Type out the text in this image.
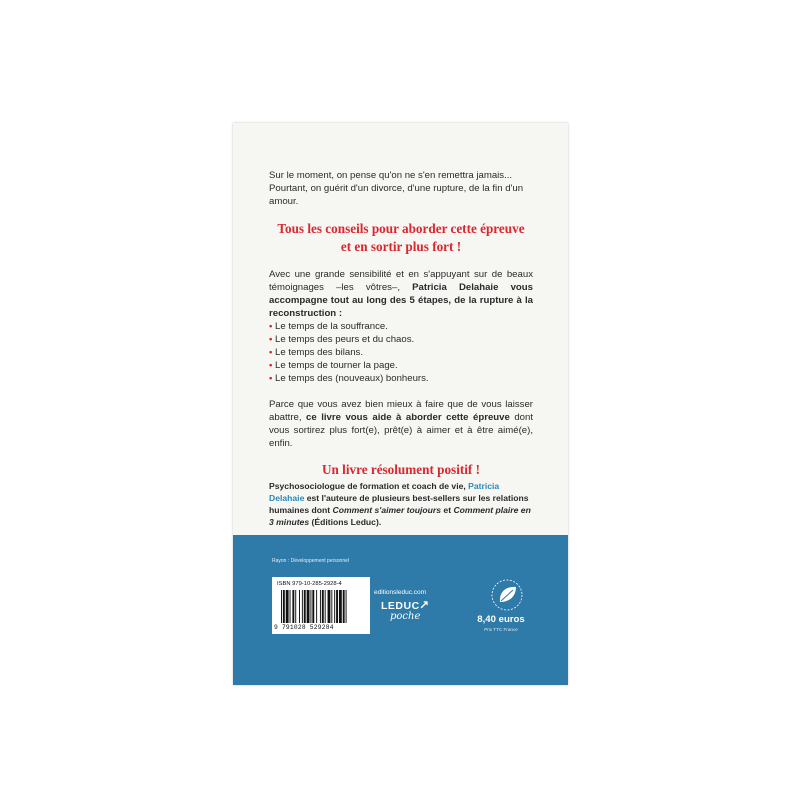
Sur le moment, on pense qu'on ne s'en remettra jamais... Pourtant, on guérit d'un divorce, d'une rupture, de la fin d'un amour.

Tous les conseils pour aborder cette épreuve
et en sortir plus fort !

Avec une grande sensibilité et en s'appuyant sur de beaux témoignages –les vôtres–, Patricia Delahaie vous accompagne tout au long des 5 étapes, de la rupture à la reconstruction :

• Le temps de la souffrance.
• Le temps des peurs et du chaos.
• Le temps des bilans.
• Le temps de tourner la page.
• Le temps des (nouveaux) bonheurs.

Parce que vous avez bien mieux à faire que de vous laisser abattre, ce livre vous aide à aborder cette épreuve dont vous sortirez plus fort(e), prêt(e) à aimer et à être aimé(e), enfin.

Un livre résolument positif !

Psychosociologue de formation et coach de vie, Patricia Delahaie est l'auteure de plusieurs best-sellers sur les relations humaines dont Comment s'aimer toujours et Comment plaire en 3 minutes (Éditions Leduc).
Rayon : Développement personnel
ISBN 979-10-285-2928-4
9 791028 529284
editionsleduc.com
LEDUC ↗
poche	8,40 euros
Prix TTC France
